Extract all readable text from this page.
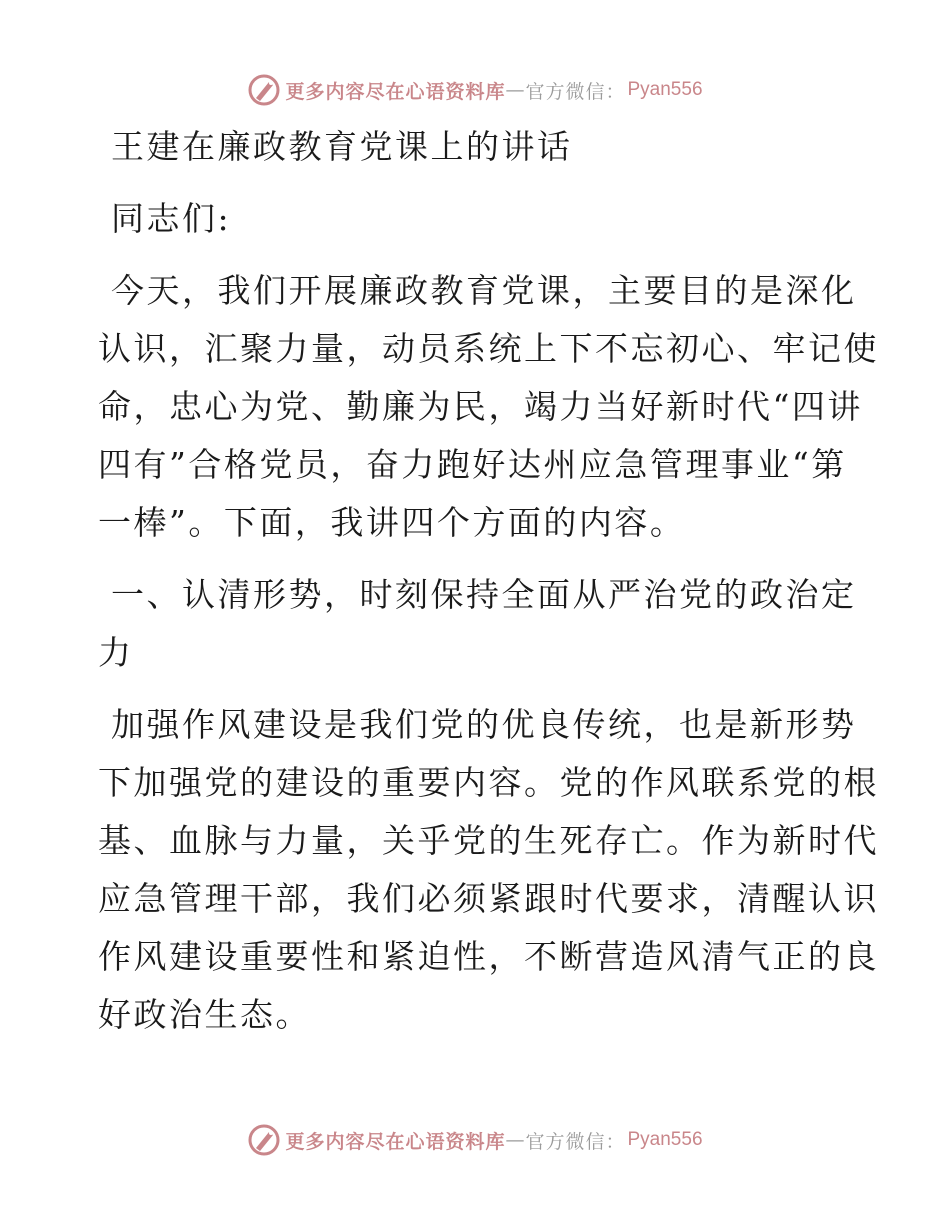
更多内容尽在心语资料库 — 官方微信： Pyan556
王建在廉政教育党课上的讲话
同志们:
今天，我们开展廉政教育党课，主要目的是深化
认识，汇聚力量，动员系统上下不忘初心、牢记使
命，忠心为党、勤廉为民，竭力当好新时代“四讲
四有”合格党员，奋力跑好达州应急管理事业“第
一棒”。下面，我讲四个方面的内容。
一、认清形势，时刻保持全面从严治党的政治定
力
加强作风建设是我们党的优良传统，也是新形势
下加强党的建设的重要内容。党的作风联系党的根
基、血脉与力量，关乎党的生死存亡。作为新时代
应急管理干部，我们必须紧跟时代要求，清醒认识
作风建设重要性和紧迫性，不断营造风清气正的良
好政治生态。
更多内容尽在心语资料库 — 官方微信： Pyan556
